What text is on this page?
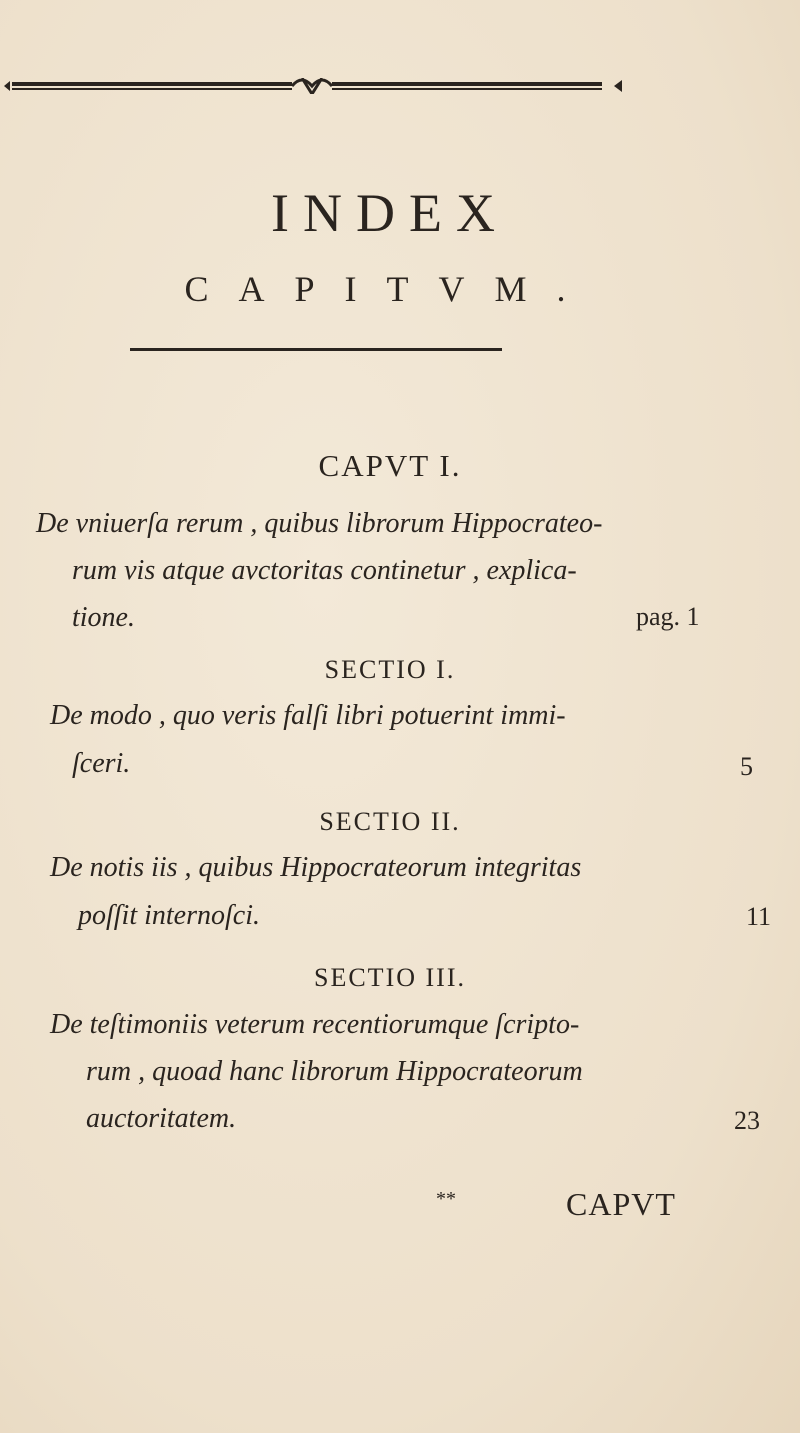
INDEX
CAPITVM.
CAPVT I.
De vniuerſa rerum , quibus librorum Hippocrateo-
rum vis atque avctoritas continetur , explica-
tione.	pag. 1
SECTIO I.
De modo , quo veris falſi libri potuerint immi-
ſceri.	5
SECTIO II.
De notis iis , quibus Hippocrateorum integritas
poſſit internoſci.	11
SECTIO III.
De teſtimoniis veterum recentiorumque ſcripto-
rum , quoad hanc librorum Hippocrateorum
auctoritatem.	23
**	CAPVT
